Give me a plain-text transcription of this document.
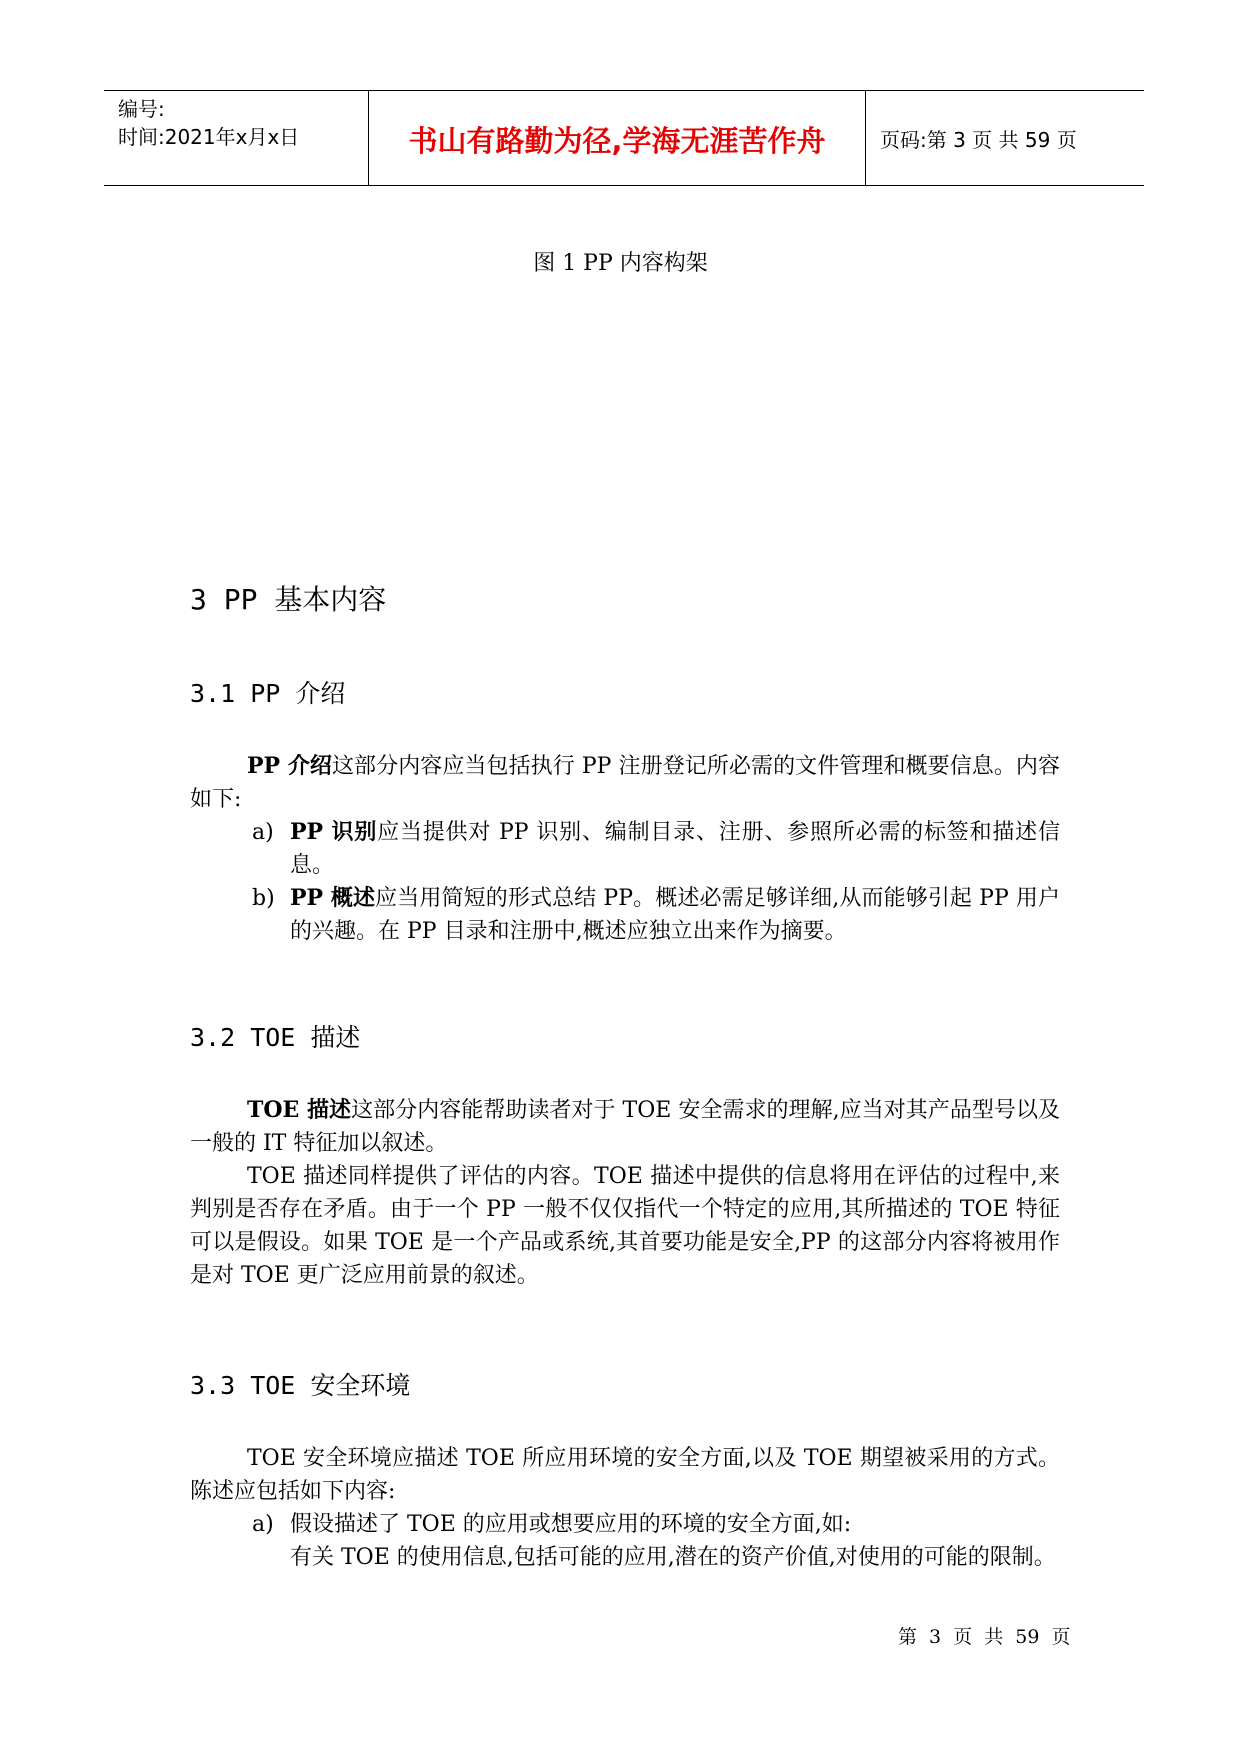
编号:
时间:2021年x月x日	书山有路勤为径,学海无涯苦作舟	页码:第 3 页 共 59 页
图 1 PP 内容构架
3 PP 基本内容
3.1 PP 介绍
PP 介绍这部分内容应当包括执行 PP 注册登记所必需的文件管理和概要信息。内容如下:
a) PP 识别应当提供对 PP 识别、编制目录、注册、参照所必需的标签和描述信息。
b) PP 概述应当用简短的形式总结 PP。概述必需足够详细,从而能够引起 PP 用户的兴趣。在 PP 目录和注册中,概述应独立出来作为摘要。
3.2 TOE 描述
TOE 描述这部分内容能帮助读者对于 TOE 安全需求的理解,应当对其产品型号以及一般的 IT 特征加以叙述。
TOE 描述同样提供了评估的内容。TOE 描述中提供的信息将用在评估的过程中,来判别是否存在矛盾。由于一个 PP 一般不仅仅指代一个特定的应用,其所描述的 TOE 特征可以是假设。如果 TOE 是一个产品或系统,其首要功能是安全,PP 的这部分内容将被用作是对 TOE 更广泛应用前景的叙述。
3.3 TOE 安全环境
TOE 安全环境应描述 TOE 所应用环境的安全方面,以及 TOE 期望被采用的方式。陈述应包括如下内容:
a) 假设描述了 TOE 的应用或想要应用的环境的安全方面,如:
有关 TOE 的使用信息,包括可能的应用,潜在的资产价值,对使用的可能的限制。
第 3 页 共 59 页
